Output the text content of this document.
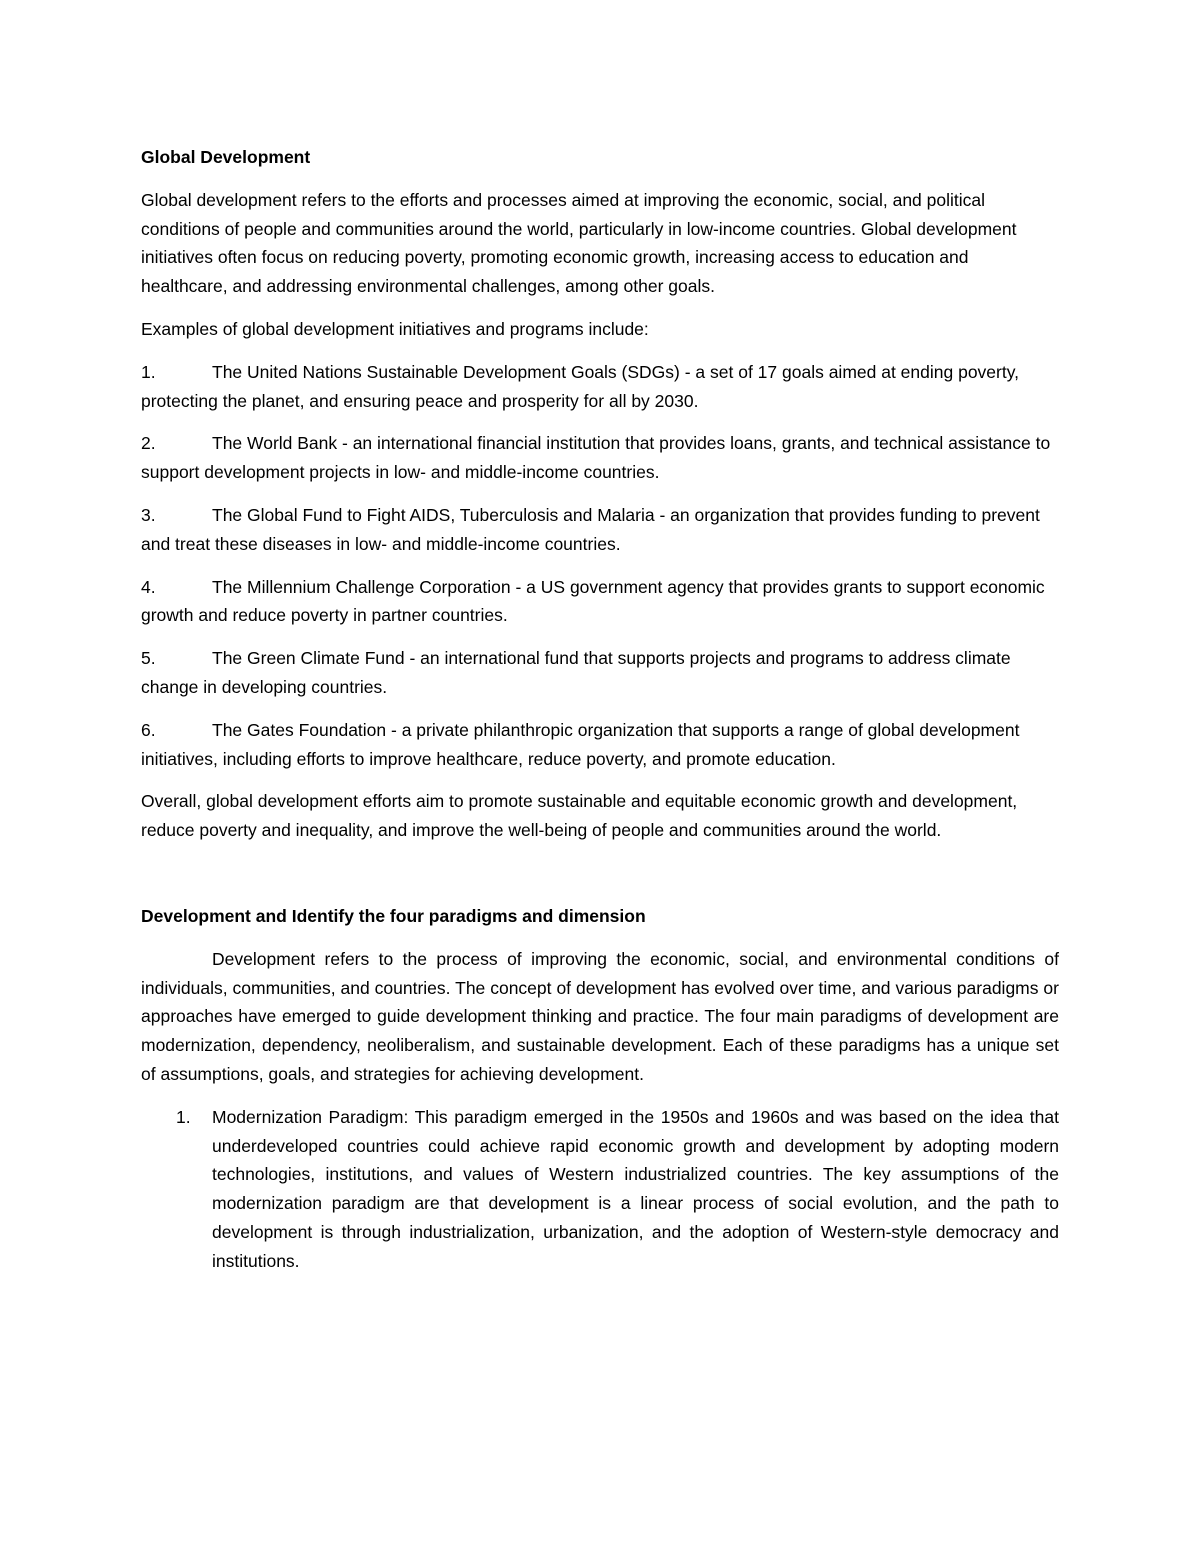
Global Development
Global development refers to the efforts and processes aimed at improving the economic, social, and political conditions of people and communities around the world, particularly in low-income countries. Global development initiatives often focus on reducing poverty, promoting economic growth, increasing access to education and healthcare, and addressing environmental challenges, among other goals.
Examples of global development initiatives and programs include:
1.	The United Nations Sustainable Development Goals (SDGs) - a set of 17 goals aimed at ending poverty, protecting the planet, and ensuring peace and prosperity for all by 2030.
2.	The World Bank - an international financial institution that provides loans, grants, and technical assistance to support development projects in low- and middle-income countries.
3.	The Global Fund to Fight AIDS, Tuberculosis and Malaria - an organization that provides funding to prevent and treat these diseases in low- and middle-income countries.
4.	The Millennium Challenge Corporation - a US government agency that provides grants to support economic growth and reduce poverty in partner countries.
5.	The Green Climate Fund - an international fund that supports projects and programs to address climate change in developing countries.
6.	The Gates Foundation - a private philanthropic organization that supports a range of global development initiatives, including efforts to improve healthcare, reduce poverty, and promote education.
Overall, global development efforts aim to promote sustainable and equitable economic growth and development, reduce poverty and inequality, and improve the well-being of people and communities around the world.
Development and Identify the four paradigms and dimension
Development refers to the process of improving the economic, social, and environmental conditions of individuals, communities, and countries. The concept of development has evolved over time, and various paradigms or approaches have emerged to guide development thinking and practice. The four main paradigms of development are modernization, dependency, neoliberalism, and sustainable development. Each of these paradigms has a unique set of assumptions, goals, and strategies for achieving development.
1. Modernization Paradigm: This paradigm emerged in the 1950s and 1960s and was based on the idea that underdeveloped countries could achieve rapid economic growth and development by adopting modern technologies, institutions, and values of Western industrialized countries. The key assumptions of the modernization paradigm are that development is a linear process of social evolution, and the path to development is through industrialization, urbanization, and the adoption of Western-style democracy and institutions.
